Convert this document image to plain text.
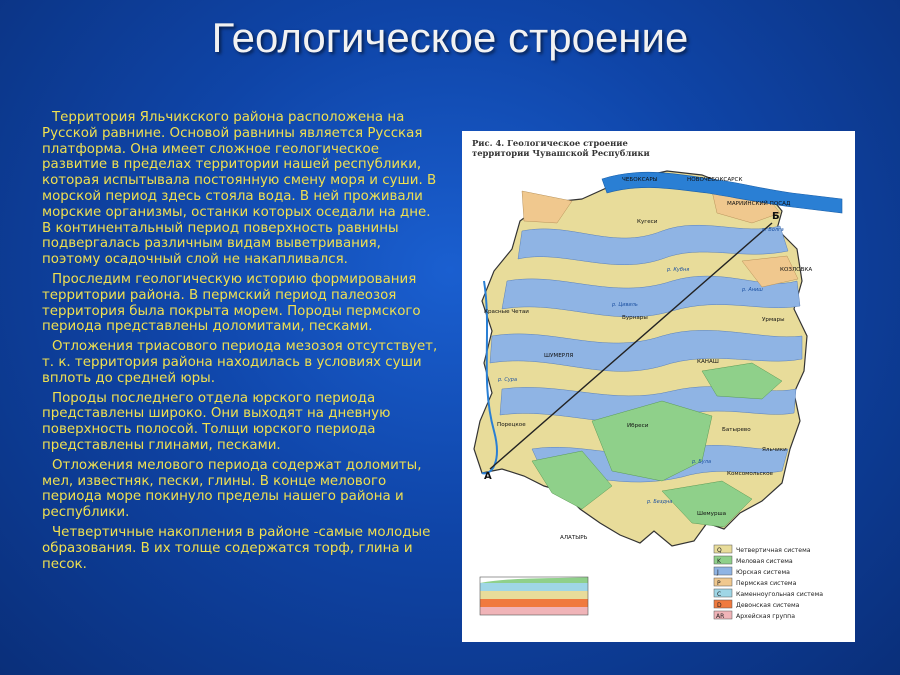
Геологическое строение

Территория Яльчикского района расположена на Русской равнине. Основой равнины является Русская платформа. Она имеет сложное геологическое развитие в пределах территории нашей республики, которая испытывала постоянную смену моря и суши. В морской период здесь стояла вода. В ней проживали морские организмы, останки которых оседали на дне. В континентальный период поверхность равнины подвергалась различным видам выветривания, поэтому осадочный слой не накапливался.

Проследим геологическую историю формирования территории района. В пермский период палеозоя территория была покрыта морем. Породы пермского периода представлены доломитами, песками.

Отложения триасового периода мезозоя отсутствует, т. к. территория района находилась в условиях суши вплоть до средней юры.

Породы последнего отдела юрского периода представлены широко. Они выходят на дневную поверхность полосой. Толщи юрского периода представлены глинами, песками.

Отложения мелового периода содержат доломиты, мел, известняк, пески, глины. В конце мелового периода море покинуло пределы нашего района и республики.

Четвертичные накопления в районе -самые молодые образования. В их толще содержатся торф, глина и песок.

Рис. 4. Геологическое строение
территории Чувашской Республики
А
Б
ЧЕБОКСАРЫ	НОВОЧЕБОКСАРСК
МАРИИНСКИЙ ПОСАД
КОЗЛОВКА
КАНАШ
ШУМЕРЛЯ
АЛАТЫРЬ
Урмары
Красные Четаи
Порецкое
Батырево
Яльчики
Комсомольское
Ибреси
Вурнары
Шемурша
Кугеси
р. Волга
р. Сура
р. Цивиль
р. Кубня
р. Була
р. Бездна
р. Аниш
Q Четвертичная система
K Меловая система
J	Юрская система
P Пермская система
C Каменноугольная система
D Девонская система
AR Архейская группа
